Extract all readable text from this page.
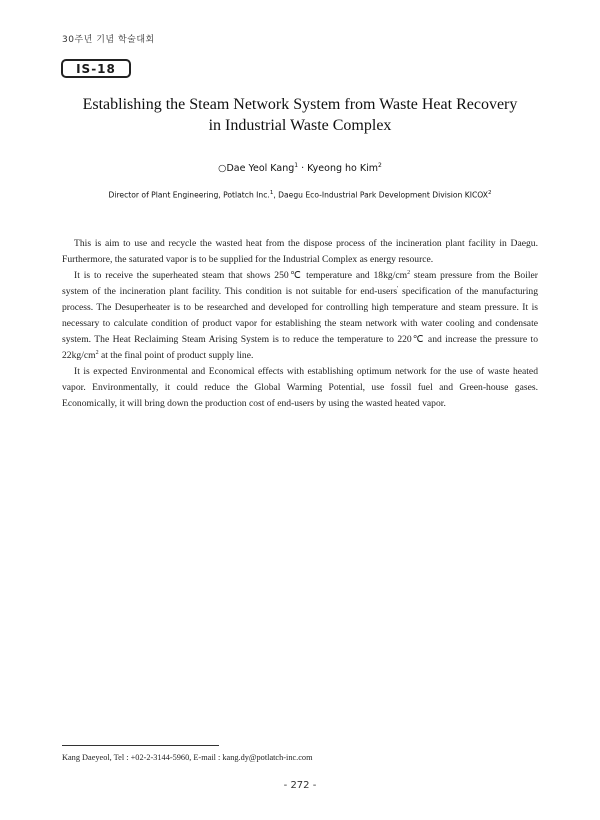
30주년 기념 학술대회
IS-18
Establishing the Steam Network System from Waste Heat Recovery
in Industrial Waste Complex
○Dae Yeol Kang$^1$ · Kyeong ho Kim$^2$
Director of Plant Engineering, Potlatch Inc.$^1$, Daegu Eco-Industrial Park Development Division KICOX$^2$

This is aim to use and recycle the wasted heat from the dispose process of the incineration plant facility in Daegu. Furthermore, the saturated vapor is to be supplied for the Industrial Complex as energy resource.

It is to receive the superheated steam that shows 250℃ temperature and $18kg/cm^2$ steam pressure from the Boiler system of the incineration plant facility. This condition is not suitable for end-users' specification of the manufacturing process. The Desuperheater is to be researched and developed for controlling high temperature and steam pressure. It is necessary to calculate condition of product vapor for establishing the steam network with water cooling and condensate system. The Heat Reclaiming Steam Arising System is to reduce the temperature to 220℃ and increase the pressure to $22kg/cm^2$ at the final point of product supply line.

It is expected Environmental and Economical effects with establishing optimum network for the use of waste heated vapor. Environmentally, it could reduce the Global Warming Potential, use fossil fuel and Green-house gases. Economically, it will bring down the production cost of end-users by using the wasted heated vapor.

Kang Daeyeol, Tel : +02-2-3144-5960, E-mail : kang.dy@potlatch-inc.com
- 272 -
